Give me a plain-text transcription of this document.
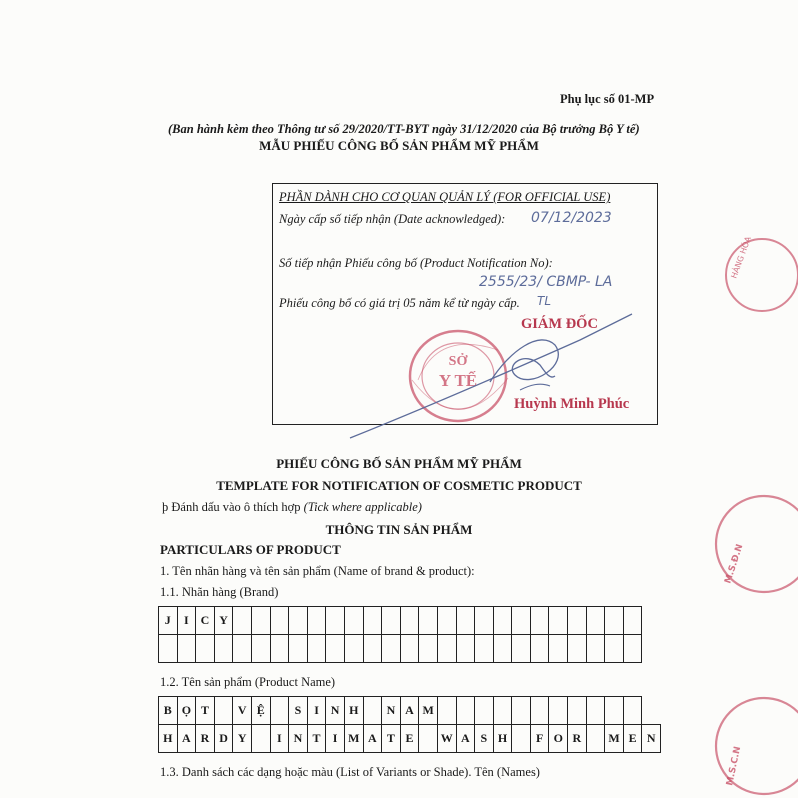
Phụ lục số 01-MP
(Ban hành kèm theo Thông tư số 29/2020/TT-BYT ngày 31/12/2020 của Bộ trưởng Bộ Y tế)
MẪU PHIẾU CÔNG BỐ SẢN PHẨM MỸ PHẨM
PHẦN DÀNH CHO CƠ QUAN QUẢN LÝ (FOR OFFICIAL USE)
Ngày cấp số tiếp nhận (Date acknowledged): 07/12/2023
Số tiếp nhận Phiếu công bố (Product Notification No):
2555/23/ CBMP- LA
Phiếu công bố có giá trị 05 năm kể từ ngày cấp. TL
SỞ
Y TẾ
GIÁM ĐỐC
Huỳnh Minh Phúc
HÀNG HÓA
M.S.Đ.N
M.S.C.N
PHIẾU CÔNG BỐ SẢN PHẨM MỸ PHẨM
TEMPLATE FOR NOTIFICATION OF COSMETIC PRODUCT
þ Đánh dấu vào ô thích hợp (Tick where applicable)
THÔNG TIN SẢN PHẨM
PARTICULARS OF PRODUCT
1. Tên nhãn hàng và tên sản phẩm (Name of brand & product):
1.1. Nhãn hàng (Brand)
J	I	C	Y																						

1.2. Tên sản phẩm (Product Name)
B	Ọ	T		V	Ệ		S	I	N	H		N	A	M												
H	A	R	D	Y		I	N	T	I	M	A	T	E		W	A	S	H		F	O	R		M	E	N
1.3. Danh sách các dạng hoặc màu (List of Variants or Shade). Tên (Names)
